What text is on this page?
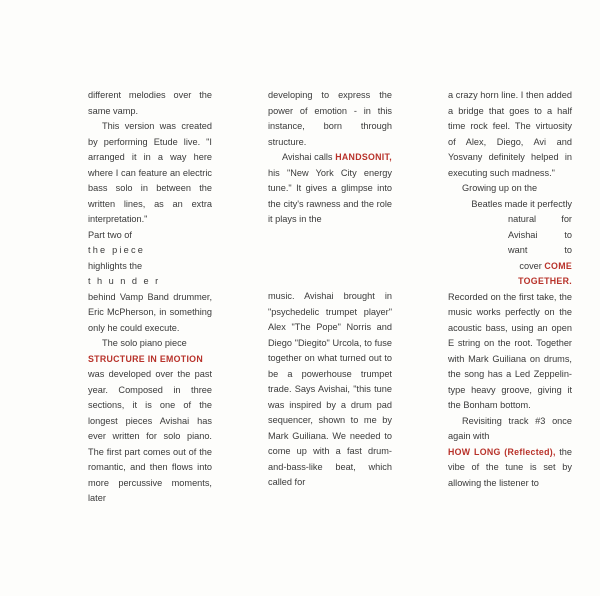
different melodies over the same vamp.

This version was created by performing Etude live. "I arranged it in a way here where I can feature an electric bass solo in between the written lines, as an extra interpretation."

Part two of
the piece
highlights the
thunder

behind Vamp Band drummer, Eric McPherson, in something only he could execute.

The solo piano piece

STRUCTURE IN EMOTION

was developed over the past year. Composed in three sections, it is one of the longest pieces Avishai has ever written for solo piano. The first part comes out of the romantic, and then flows into more percussive moments, later

developing to express the power of emotion - in this instance, born through structure.

Avishai calls HANDSONIT, his "New York City energy tune." It gives a glimpse into the city's rawness and the role it plays in the

music. Avishai brought in "psychedelic trumpet player" Alex "The Pope" Norris and Diego "Diegito" Urcola, to fuse together on what turned out to be a powerhouse trumpet trade. Says Avishai, "this tune was inspired by a drum pad sequencer, shown to me by Mark Guiliana. We needed to come up with a fast drum-and-bass-like beat, which called for

a crazy horn line. I then added a bridge that goes to a half time rock feel. The virtuosity of Alex, Diego, Avi and Yosvany definitely helped in executing such madness."

Growing up on the

Beatles made it perfectly
natural for
Avishai to
want to
cover COME TOGETHER.

Recorded on the first take, the music works perfectly on the acoustic bass, using an open E string on the root. Together with Mark Guiliana on drums, the song has a Led Zeppelin-type heavy groove, giving it the Bonham bottom.

Revisiting track #3 once again with

HOW LONG (Reflected), the vibe of the tune is set by allowing the listener to
